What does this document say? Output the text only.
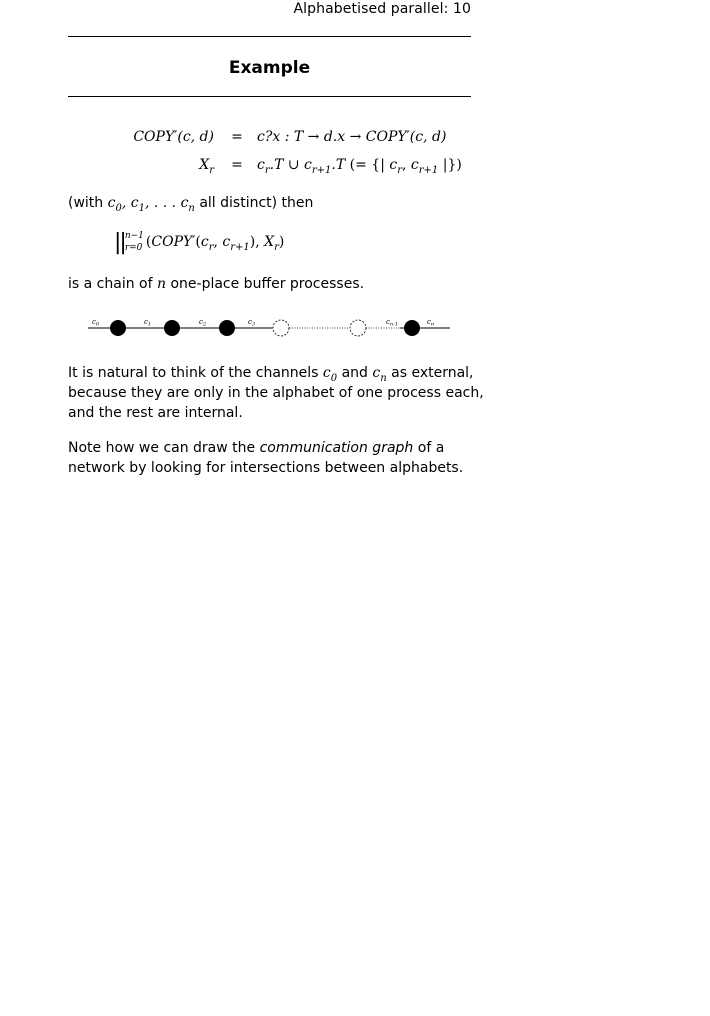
Alphabetised parallel: 10
Example
COPY′(c, d) = c?x : T → d.x → COPY′(c, d)
$X_r = c_r.T$ ∪ $c_{r+1}.T$ (= {| $c_r$, $c_{r+1}$ |})
(with $c_0$, $c_1$, . . . $c_n$ all distinct) then
|| n−1
r=0 ($COPY'(c_r$, $c_{r+1}$), $X_r$)
is a chain of n one-place buffer processes.
$c_0$	$c_1$	$c_2$	$c_3$	$c_{n-1}$	$c_n$
It is natural to think of the channels $c_0$ and $c_n$ as external,
because they are only in the alphabet of one process each,
and the rest are internal.
Note how we can draw the communication graph of a
network by looking for intersections between alphabets.
